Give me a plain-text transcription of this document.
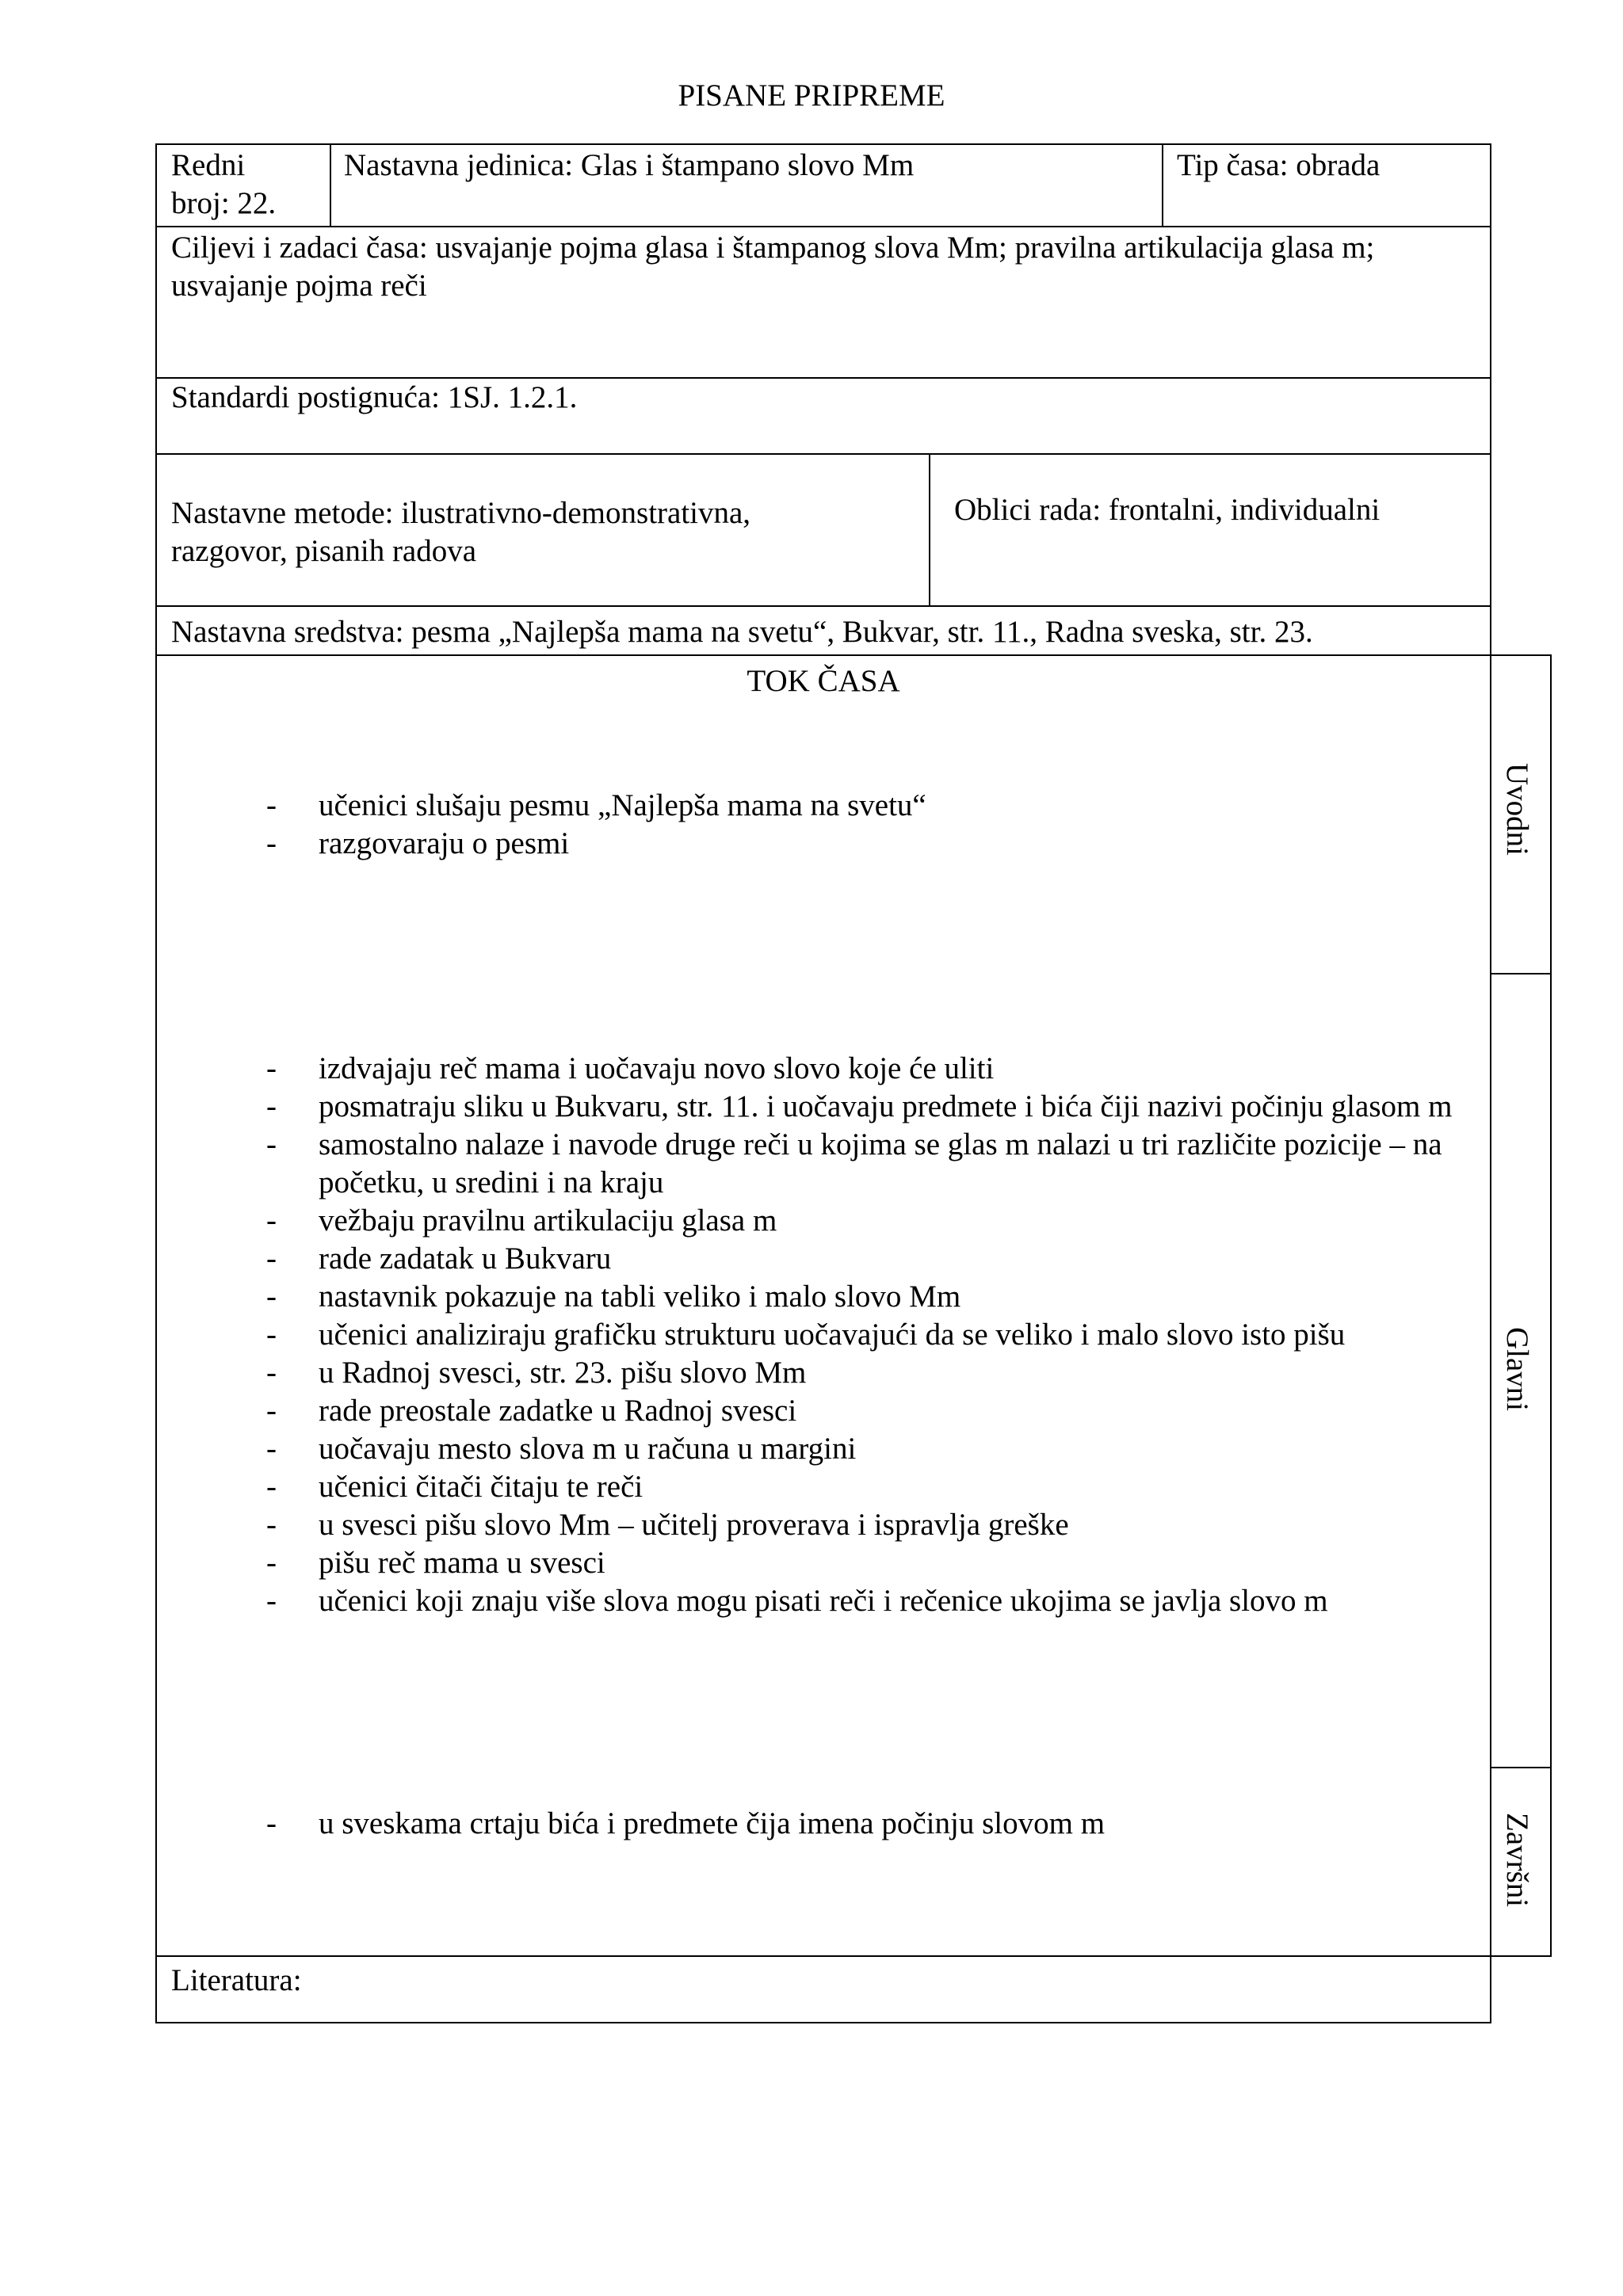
PISANE PRIPREME
Redni
broj: 22.
Nastavna jedinica: Glas i štampano slovo Mm	Tip časa: obrada
Ciljevi i zadaci časa: usvajanje pojma glasa i štampanog slova Mm; pravilna artikulacija glasa m; usvajanje pojma reči
Standardi postignuća: 1SJ. 1.2.1.
Nastavne metode: ilustrativno-demonstrativna, razgovor, pisanih radova
Oblici rada: frontalni, individualni
Nastavna sredstva: pesma „Najlepša mama na svetu“, Bukvar, str. 11., Radna sveska, str. 23.
TOK ČASA
- učenici slušaju pesmu „Najlepša mama na svetu“
- razgovaraju o pesmi
- izdvajaju reč mama i uočavaju novo slovo koje će uliti
- posmatraju sliku u Bukvaru, str. 11. i uočavaju predmete i bića čiji nazivi počinju glasom m
- samostalno nalaze i navode druge reči u kojima se glas m nalazi u tri različite pozicije – na početku, u sredini i na kraju
- vežbaju pravilnu artikulaciju glasa m
- rade zadatak u Bukvaru
- nastavnik pokazuje na tabli veliko i malo slovo Mm
- učenici analiziraju grafičku strukturu uočavajući da se veliko i malo slovo isto pišu
- u Radnoj svesci, str. 23. pišu slovo Mm
- rade preostale zadatke u Radnoj svesci
- uočavaju mesto slova m u računa u margini
- učenici čitači čitaju te reči
- u svesci pišu slovo Mm – učitelj proverava i ispravlja greške
- pišu reč mama u svesci
- učenici koji znaju više slova mogu pisati reči i rečenice ukojima se javlja slovo m
- u sveskama crtaju bića i predmete čija imena počinju slovom m
Uvodni
Glavni
Završni
Literatura:
